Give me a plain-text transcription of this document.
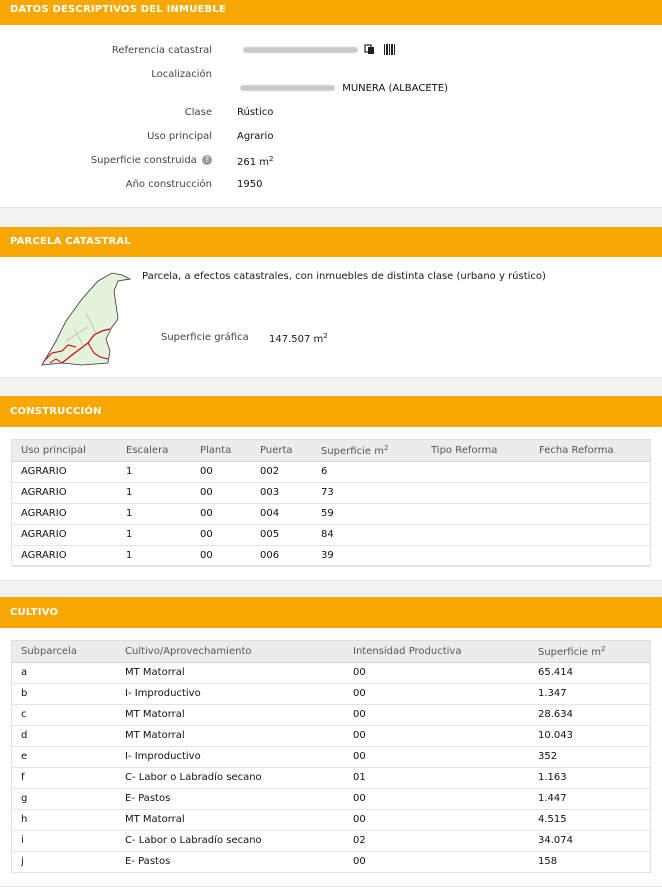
DATOS DESCRIPTIVOS DEL INMUEBLE
Referencia catastral

Localización
MUNERA (ALBACETE)
Clase	Rústico
Uso principal	Agrario
Superficie construida ?	261 $m^2$
Año construcción	1950
PARCELA CATASTRAL
Parcela, a efectos catastrales, con inmuebles de distinta clase (urbano y rústico)
Superficie gráfica 147.507 $m^2$
CONSTRUCCIÓN
Uso principal	Escalera	Planta	Puerta	Superficie $m^2$	Tipo Reforma	Fecha Reforma
AGRARIO	1	00	002	6		
AGRARIO	1	00	003	73		
AGRARIO	1	00	004	59		
AGRARIO	1	00	005	84		
AGRARIO	1	00	006	39		
CULTIVO
Subparcela	Cultivo/Aprovechamiento	Intensidad Productiva	Superficie $m^2$
a	MT Matorral	00	65.414
b	I- Improductivo	00	1.347
c	MT Matorral	00	28.634
d	MT Matorral	00	10.043
e	I- Improductivo	00	352
f	C- Labor o Labradío secano	01	1.163
g	E- Pastos	00	1.447
h	MT Matorral	00	4.515
i	C- Labor o Labradío secano	02	34.074
j	E- Pastos	00	158
